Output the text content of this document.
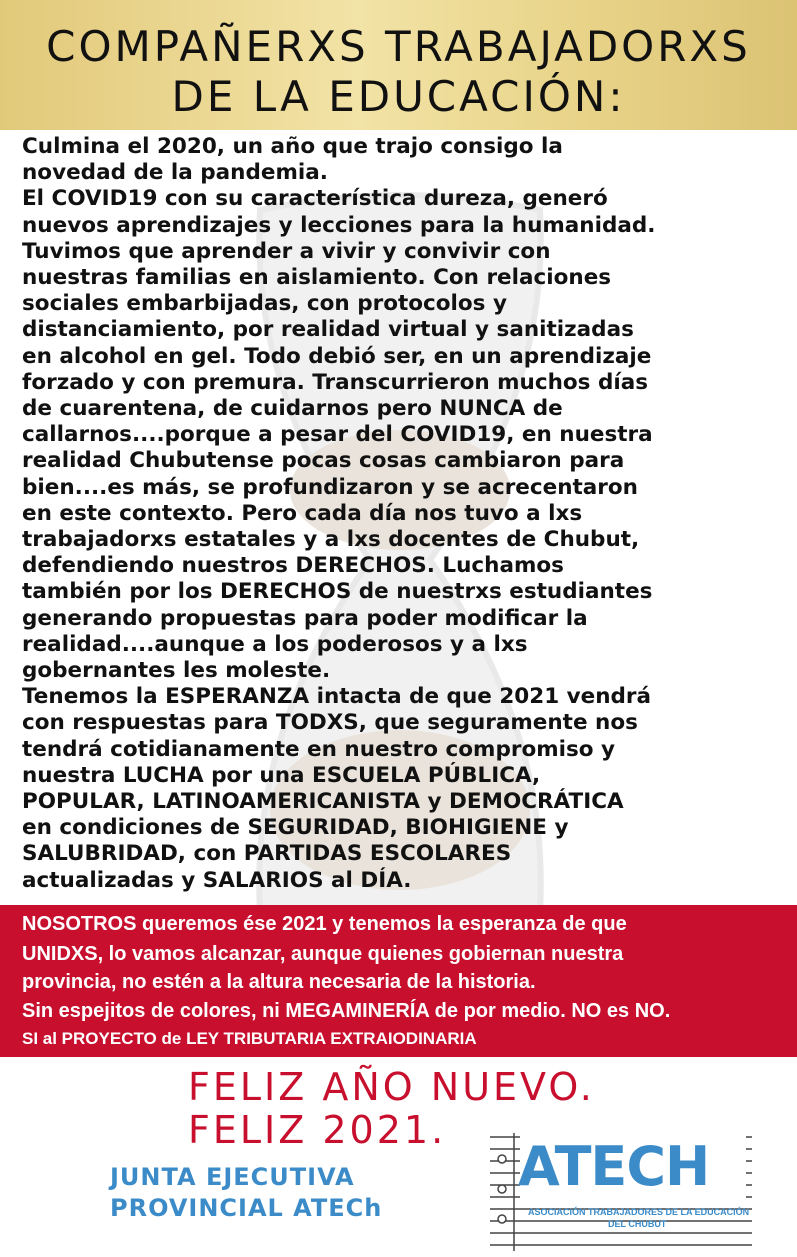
COMPAÑERXS TRABAJADORXS
DE LA EDUCACIÓN:
Culmina el 2020, un año que trajo consigo la
novedad de la pandemia.
El COVID19 con su característica dureza, generó
nuevos aprendizajes y lecciones para la humanidad.
Tuvimos que aprender a vivir y convivir con
nuestras familias en aislamiento. Con relaciones
sociales embarbijadas, con protocolos y
distanciamiento, por realidad virtual y sanitizadas
en alcohol en gel. Todo debió ser, en un aprendizaje
forzado y con premura. Transcurrieron muchos días
de cuarentena, de cuidarnos pero NUNCA de
callarnos....porque a pesar del COVID19, en nuestra
realidad Chubutense pocas cosas cambiaron para
bien....es más, se profundizaron y se acrecentaron
en este contexto. Pero cada día nos tuvo a lxs
trabajadorxs estatales y a lxs docentes de Chubut,
defendiendo nuestros DERECHOS. Luchamos
también por los DERECHOS de nuestrxs estudiantes
generando propuestas para poder modificar la
realidad....aunque a los poderosos y a lxs
gobernantes les moleste.
Tenemos la ESPERANZA intacta de que 2021 vendrá
con respuestas para TODXS, que seguramente nos
tendrá cotidianamente en nuestro compromiso y
nuestra LUCHA por una ESCUELA PÚBLICA,
POPULAR, LATINOAMERICANISTA y DEMOCRÁTICA
en condiciones de SEGURIDAD, BIOHIGIENE y
SALUBRIDAD, con PARTIDAS ESCOLARES
actualizadas y SALARIOS al DÍA.
NOSOTROS queremos ése 2021 y tenemos la esperanza de que
UNIDXS, lo vamos alcanzar, aunque quienes gobiernan nuestra
provincia, no estén a la altura necesaria de la historia.
Sin espejitos de colores, ni MEGAMINERÍA de por medio. NO es NO.
SI al PROYECTO de LEY TRIBUTARIA EXTRAIODINARIA
FELIZ AÑO NUEVO.
FELIZ 2021.
JUNTA EJECUTIVA
PROVINCIAL ATECh
ATECH
ASOCIACIÓN TRABAJADORES DE LA EDUCACIÓN
DEL CHUBUT
